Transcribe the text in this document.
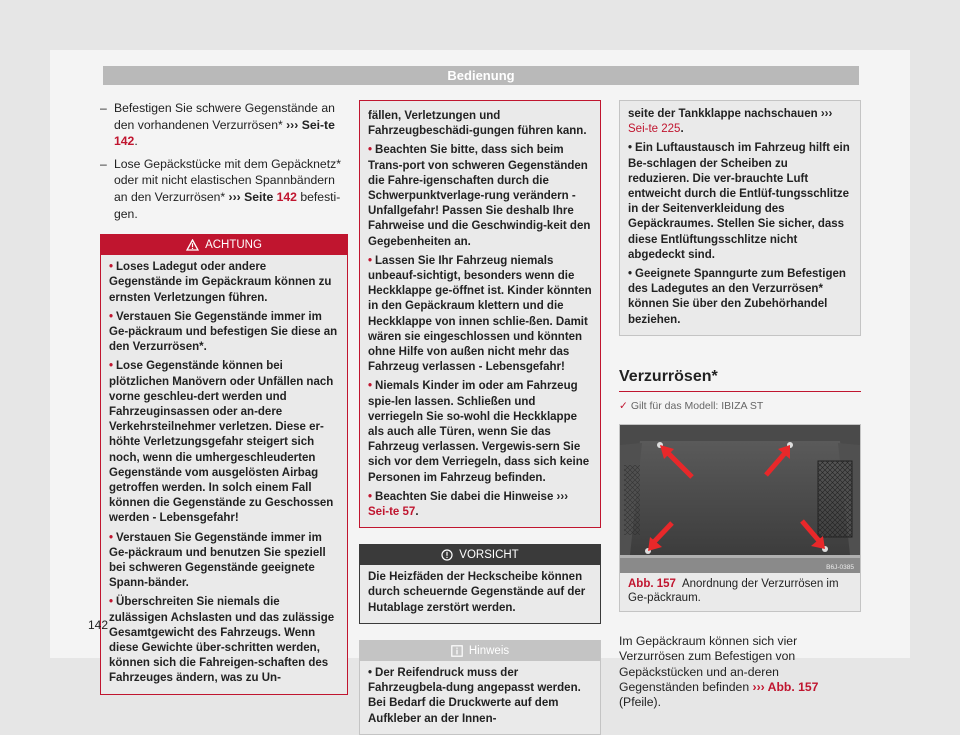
Bedienung
– Befestigen Sie schwere Gegenstände an den vorhandenen Verzurrösen* ››› Sei-te 142.
– Lose Gepäckstücke mit dem Gepäcknetz* oder mit nicht elastischen Spannbändern an den Verzurrösen* ››› Seite 142 befesti-gen.
ACHTUNG

• Loses Ladegut oder andere Gegenstände im Gepäckraum können zu ernsten Verletzungen führen.

• Verstauen Sie Gegenstände immer im Ge-päckraum und befestigen Sie diese an den Verzurrösen*.

• Lose Gegenstände können bei plötzlichen Manövern oder Unfällen nach vorne geschleu-dert werden und Fahrzeuginsassen oder an-dere Verkehrsteilnehmer verletzen. Diese er-höhte Verletzungsgefahr steigert sich noch, wenn die umhergeschleuderten Gegenstände vom ausgelösten Airbag getroffen werden. In solch einem Fall können die Gegenstände zu Geschossen werden - Lebensgefahr!

• Verstauen Sie Gegenstände immer im Ge-päckraum und benutzen Sie speziell bei schweren Gegenstände geeignete Spann-bänder.

• Überschreiten Sie niemals die zulässigen Achslasten und das zulässige Gesamtgewicht des Fahrzeugs. Wenn diese Gewichte über-schritten werden, können sich die Fahreigen-schaften des Fahrzeuges ändern, was zu Un-

fällen, Verletzungen und Fahrzeugbeschädi-gungen führen kann.

• Beachten Sie bitte, dass sich beim Trans-port von schweren Gegenständen die Fahre-igenschaften durch die Schwerpunktverlage-rung verändern - Unfallgefahr! Passen Sie deshalb Ihre Fahrweise und die Geschwindig-keit den Gegebenheiten an.

• Lassen Sie Ihr Fahrzeug niemals unbeauf-sichtigt, besonders wenn die Heckklappe ge-öffnet ist. Kinder könnten in den Gepäckraum klettern und die Heckklappe von innen schlie-ßen. Damit wären sie eingeschlossen und könnten ohne Hilfe von außen nicht mehr das Fahrzeug verlassen - Lebensgefahr!

• Niemals Kinder im oder am Fahrzeug spie-len lassen. Schließen und verriegeln Sie so-wohl die Heckklappe als auch alle Türen, wenn Sie das Fahrzeug verlassen. Vergewis-sern Sie sich vor dem Verriegeln, dass sich keine Personen im Fahrzeug befinden.

• Beachten Sie dabei die Hinweise ››› Sei-te 57.

VORSICHT

Die Heizfäden der Heckscheibe können durch scheuernde Gegenstände auf der Hutablage zerstört werden.

Hinweis

• Der Reifendruck muss der Fahrzeugbela-dung angepasst werden. Bei Bedarf die Druckwerte auf dem Aufkleber an der Innen-

seite der Tankklappe nachschauen ››› Sei-te 225.

• Ein Luftaustausch im Fahrzeug hilft ein Be-schlagen der Scheiben zu reduzieren. Die ver-brauchte Luft entweicht durch die Entlüf-tungsschlitze in der Seitenverkleidung des Gepäckraumes. Stellen Sie sicher, dass diese Entlüftungsschlitze nicht abgedeckt sind.

• Geeignete Spanngurte zum Befestigen des Ladegutes an den Verzurrösen* können Sie über den Zubehörhandel beziehen.

Verzurrösen*
✓ Gilt für das Modell: IBIZA ST
B6J-0385
Abb. 157 Anordnung der Verzurrösen im Ge-päckraum.
Im Gepäckraum können sich vier Verzurrösen zum Befestigen von Gepäckstücken und an-deren Gegenständen befinden ››› Abb. 157
(Pfeile).
142
